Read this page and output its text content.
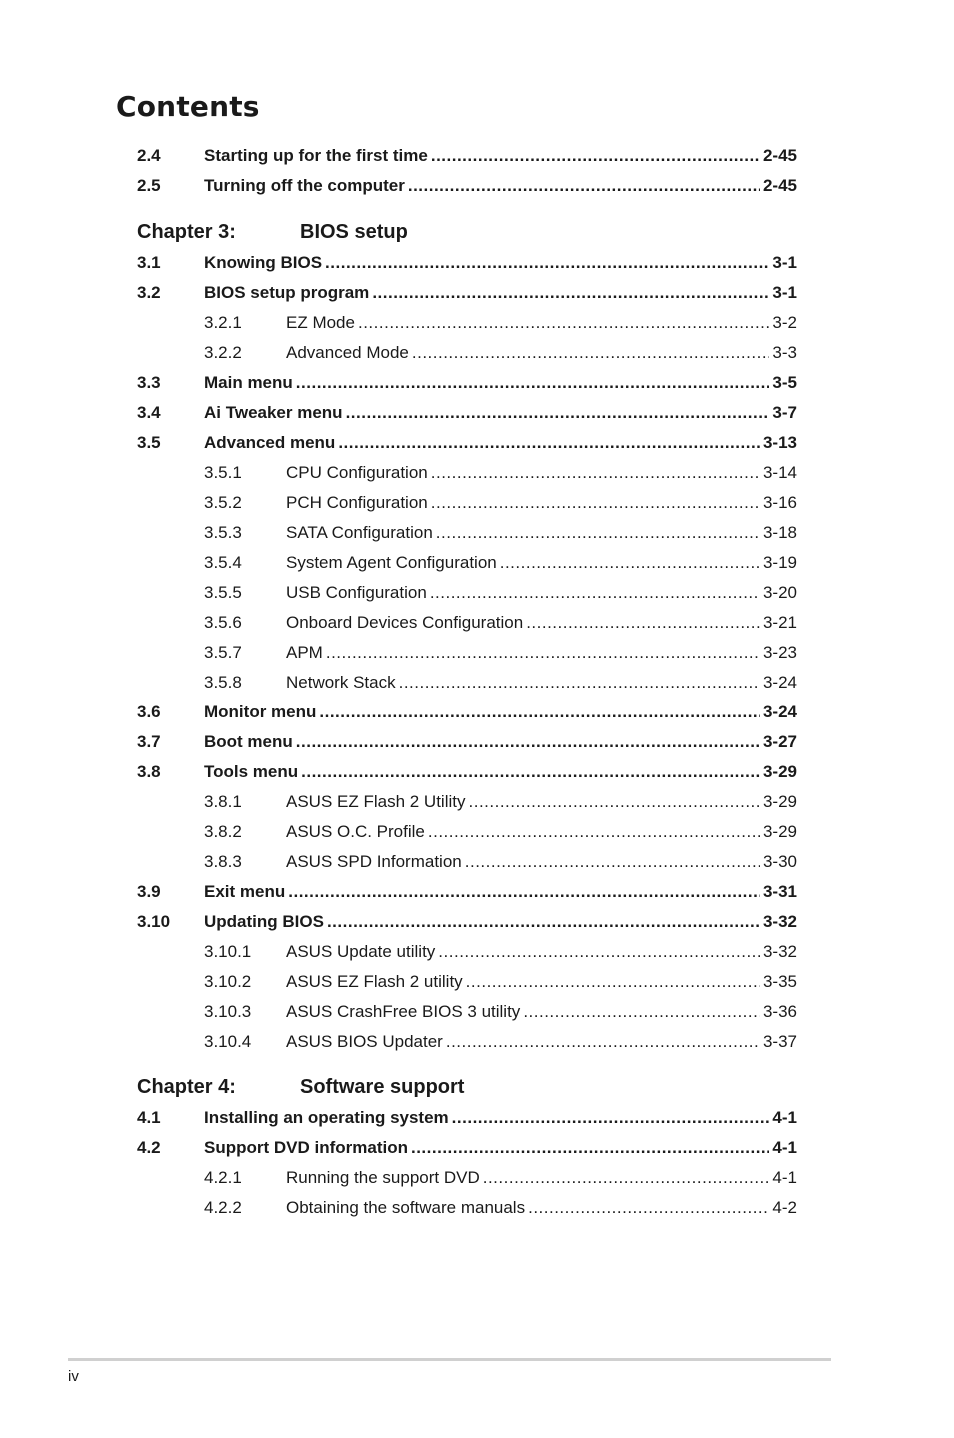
Contents
2.4	Starting up for the first time .....	2-45
2.5	Turning off the computer .....	2-45
Chapter 3:	BIOS setup
3.1	Knowing BIOS .....	3-1
3.2	BIOS setup program .....	3-1
3.2.1	EZ Mode .....	3-2
3.2.2	Advanced Mode .....	3-3
3.3	Main menu .....	3-5
3.4	Ai Tweaker menu .....	3-7
3.5	Advanced menu .....	3-13
3.5.1	CPU Configuration .....	3-14
3.5.2	PCH Configuration .....	3-16
3.5.3	SATA Configuration .....	3-18
3.5.4	System Agent Configuration .....	3-19
3.5.5	USB Configuration .....	3-20
3.5.6	Onboard Devices Configuration .....	3-21
3.5.7	APM .....	3-23
3.5.8	Network Stack .....	3-24
3.6	Monitor menu .....	3-24
3.7	Boot menu .....	3-27
3.8	Tools menu .....	3-29
3.8.1	ASUS EZ Flash 2 Utility .....	3-29
3.8.2	ASUS O.C. Profile .....	3-29
3.8.3	ASUS SPD Information .....	3-30
3.9	Exit menu .....	3-31
3.10	Updating BIOS .....	3-32
3.10.1	ASUS Update utility .....	3-32
3.10.2	ASUS EZ Flash 2 utility .....	3-35
3.10.3	ASUS CrashFree BIOS 3 utility .....	3-36
3.10.4	ASUS BIOS Updater .....	3-37
Chapter 4:	Software support
4.1	Installing an operating system .....	4-1
4.2	Support DVD information .....	4-1
4.2.1	Running the support DVD .....	4-1
4.2.2	Obtaining the software manuals .....	4-2
iv
